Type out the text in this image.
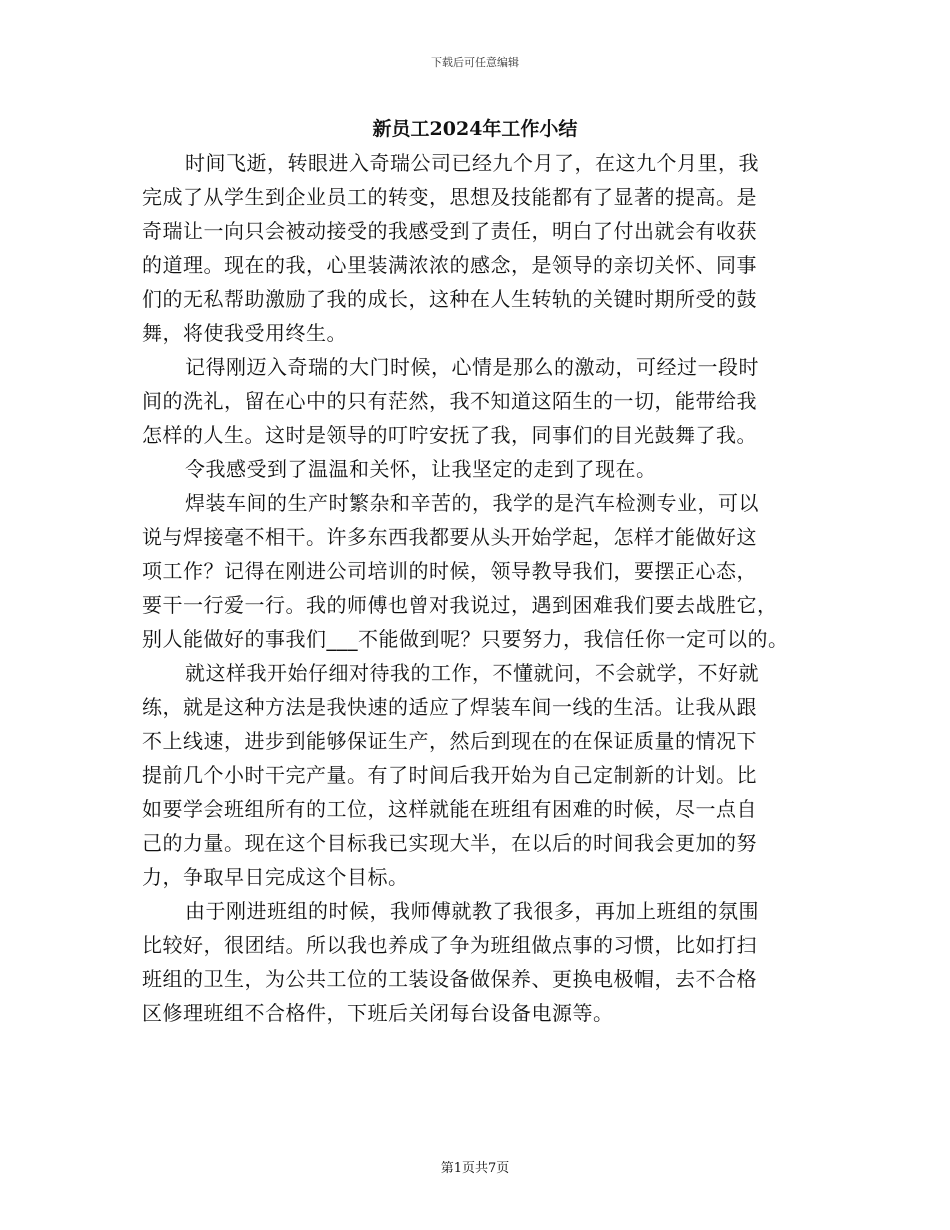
下载后可任意编辑
新员工2024年工作小结
时间飞逝，转眼进入奇瑞公司已经九个月了，在这九个月里，我
完成了从学生到企业员工的转变，思想及技能都有了显著的提高。是
奇瑞让一向只会被动接受的我感受到了责任，明白了付出就会有收获
的道理。现在的我，心里装满浓浓的感念，是领导的亲切关怀、同事
们的无私帮助激励了我的成长，这种在人生转轨的关键时期所受的鼓
舞，将使我受用终生。
记得刚迈入奇瑞的大门时候，心情是那么的激动，可经过一段时
间的洗礼，留在心中的只有茫然，我不知道这陌生的一切，能带给我
怎样的人生。这时是领导的叮咛安抚了我，同事们的目光鼓舞了我。
令我感受到了温温和关怀，让我坚定的走到了现在。
焊装车间的生产时繁杂和辛苦的，我学的是汽车检测专业，可以
说与焊接毫不相干。许多东西我都要从头开始学起，怎样才能做好这
项工作？记得在刚进公司培训的时候，领导教导我们，要摆正心态，
要干一行爱一行。我的师傅也曾对我说过，遇到困难我们要去战胜它，
别人能做好的事我们___不能做到呢？只要努力，我信任你一定可以的。
就这样我开始仔细对待我的工作，不懂就问，不会就学，不好就
练，就是这种方法是我快速的适应了焊装车间一线的生活。让我从跟
不上线速，进步到能够保证生产，然后到现在的在保证质量的情况下
提前几个小时干完产量。有了时间后我开始为自己定制新的计划。比
如要学会班组所有的工位，这样就能在班组有困难的时候，尽一点自
己的力量。现在这个目标我已实现大半，在以后的时间我会更加的努
力，争取早日完成这个目标。
由于刚进班组的时候，我师傅就教了我很多，再加上班组的氛围
比较好，很团结。所以我也养成了争为班组做点事的习惯，比如打扫
班组的卫生，为公共工位的工装设备做保养、更换电极帽，去不合格
区修理班组不合格件，下班后关闭每台设备电源等。
第1页共7页
